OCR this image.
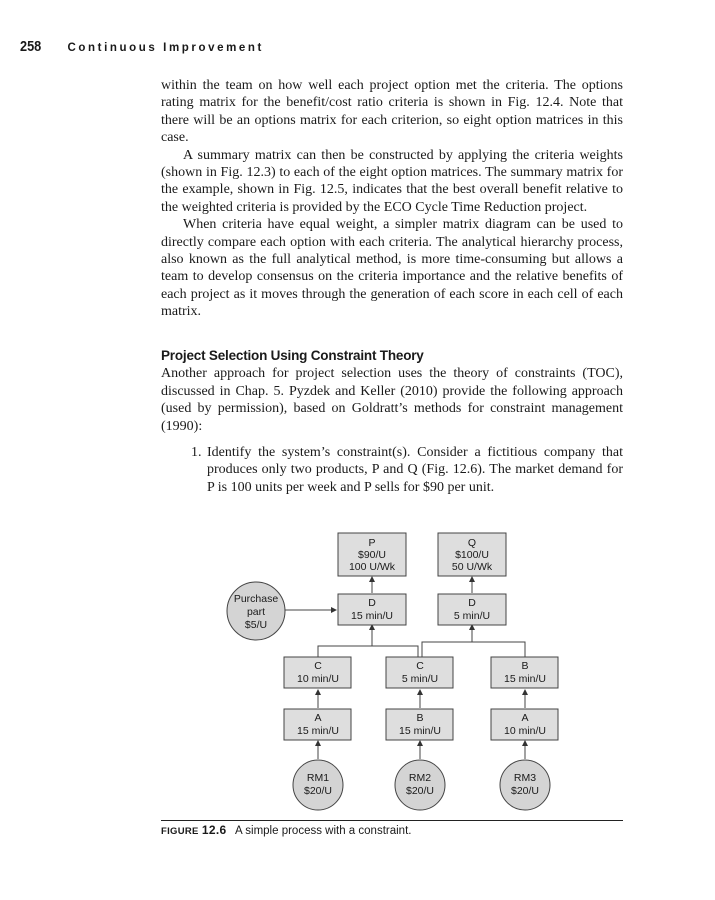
258 Continuous Improvement

within the team on how well each project option met the criteria. The options rating matrix for the benefit/cost ratio criteria is shown in Fig. 12.4. Note that there will be an options matrix for each criterion, so eight option matrices in this case.

A summary matrix can then be constructed by applying the criteria weights (shown in Fig. 12.3) to each of the eight option matrices. The summary matrix for the example, shown in Fig. 12.5, indicates that the best overall benefit relative to the weighted criteria is provided by the ECO Cycle Time Reduction project.

When criteria have equal weight, a simpler matrix diagram can be used to directly compare each option with each criteria. The analytical hierarchy process, also known as the full analytical method, is more time-consuming but allows a team to develop consensus on the criteria importance and the relative benefits of each project as it moves through the generation of each score in each cell of each matrix.

Project Selection Using Constraint Theory

Another approach for project selection uses the theory of constraints (TOC), discussed in Chap. 5. Pyzdek and Keller (2010) provide the following approach (used by permission), based on Goldratt’s methods for constraint management (1990):

1. Identify the system’s constraint(s). Consider a fictitious company that produces only two products, P and Q (Fig. 12.6). The market demand for P is 100 units per week and P sells for $90 per unit.

P
$90/U
100 U/Wk
Q
$100/U
50 U/Wk
Purchase
part
$5/U
D
15 min/U
D
5 min/U
C
10 min/U
C
5 min/U
B
15 min/U
A
15 min/U
B
15 min/U
A
10 min/U
RM1
$20/U
RM2
$20/U
RM3
$20/U
FIGURE 12.6 A simple process with a constraint.
